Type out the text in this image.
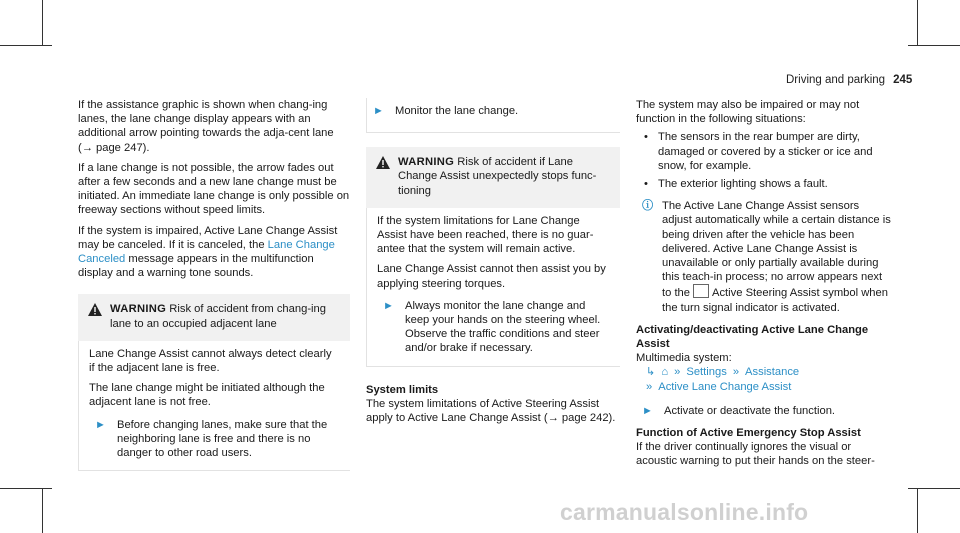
Driving and parking 245

If the assistance graphic is shown when chang-ing lanes, the lane change display appears with an additional arrow pointing towards the adja-cent lane (→ page 247).

If a lane change is not possible, the arrow fades out after a few seconds and a new lane change must be initiated. An immediate lane change is only possible on freeway sections without speed limits.

If the system is impaired, Active Lane Change Assist may be canceled. If it is canceled, the Lane Change Canceled message appears in the multifunction display and a warning tone sounds.

WARNING Risk of accident from chang-ing lane to an occupied adjacent lane

Lane Change Assist cannot always detect clearly if the adjacent lane is free.

The lane change might be initiated although the adjacent lane is not free.

► Before changing lanes, make sure that the neighboring lane is free and there is no danger to other road users.
► Monitor the lane change.
WARNING Risk of accident if Lane Change Assist unexpectedly stops func-tioning

If the system limitations for Lane Change Assist have been reached, there is no guar-antee that the system will remain active.

Lane Change Assist cannot then assist you by applying steering torques.

► Always monitor the lane change and keep your hands on the steering wheel. Observe the traffic conditions and steer and/or brake if necessary.
System limits

The system limitations of Active Steering Assist apply to Active Lane Change Assist (→ page 242).

The system may also be impaired or may not function in the following situations:

• The sensors in the rear bumper are dirty, damaged or covered by a sticker or ice and snow, for example.
• The exterior lighting shows a fault.
ⓘ The Active Lane Change Assist sensors adjust automatically while a certain distance is being driven after the vehicle has been delivered. Active Lane Change Assist is unavailable or only partially available during this teach-in process; no arrow appears next to the Active Steering Assist symbol when the turn signal indicator is activated.
Activating/deactivating Active Lane Change Assist
Multimedia system:
↳ ⌂ » Settings » Assistance
» Active Lane Change Assist
► Activate or deactivate the function.
Function of Active Emergency Stop Assist
If the driver continually ignores the visual or acoustic warning to put their hands on the steer-
carmanualsonline.info
